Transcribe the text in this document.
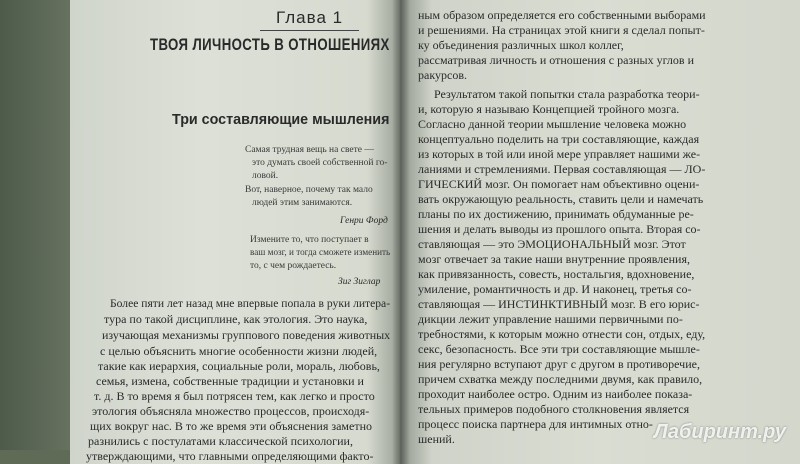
Глава 1
ТВОЯ ЛИЧНОСТЬ В ОТНОШЕНИЯХ
Три составляющие мышления
Самая трудная вещь на свете —
это думать своей собственной го-
ловой.
Вот, наверное, почему так мало
людей этим занимаются.
Генри Форд
Измените то, что поступает в
ваш мозг, и тогда сможете изменить
то, с чем рождаетесь.
Зиг Зиглар
Более пяти лет назад мне впервые попала в руки литера-
тура по такой дисциплине, как этология. Это наука,
изучающая механизмы группового поведения животных
с целью объяснить многие особенности жизни людей,
такие как иерархия, социальные роли, мораль, любовь,
семья, измена, собственные традиции и установки и
т. д. В то время я был потрясен тем, как легко и просто
этология объясняла множество процессов, происходя-
щих вокруг нас. В то же время эти объяснения заметно
разнились с постулатами классической психологии,
утверждающими, что главными определяющими факто-
ным образом определяется его собственными выборами
и решениями. На страницах этой книги я сделал попыт-
ку объединения различных школ коллег,
рассматривая личность и отношения с разных углов и
ракурсов.
Результатом такой попытки стала разработка теори-
и, которую я называю Концепцией тройного мозга.
Согласно данной теории мышление человека можно
концептуально поделить на три составляющие, каждая
из которых в той или иной мере управляет нашими же-
ланиями и стремлениями. Первая составляющая — ЛО-
ГИЧЕСКИЙ мозг. Он помогает нам объективно оцени-
вать окружающую реальность, ставить цели и намечать
планы по их достижению, принимать обдуманные ре-
шения и делать выводы из прошлого опыта. Вторая со-
ставляющая — это ЭМОЦИОНАЛЬНЫЙ мозг. Этот
мозг отвечает за такие наши внутренние проявления,
как привязанность, совесть, ностальгия, вдохновение,
умиление, романтичность и др. И наконец, третья со-
ставляющая — ИНСТИНКТИВНЫЙ мозг. В его юрис-
дикции лежит управление нашими первичными по-
требностями, к которым можно отнести сон, отдых, еду,
секс, безопасность. Все эти три составляющие мышле-
ния регулярно вступают друг с другом в противоречие,
причем схватка между последними двумя, как правило,
проходит наиболее остро. Одним из наиболее показа-
тельных примеров подобного столкновения является
процесс поиска партнера для интимных отно-
шений.	Лабиринт.ру
